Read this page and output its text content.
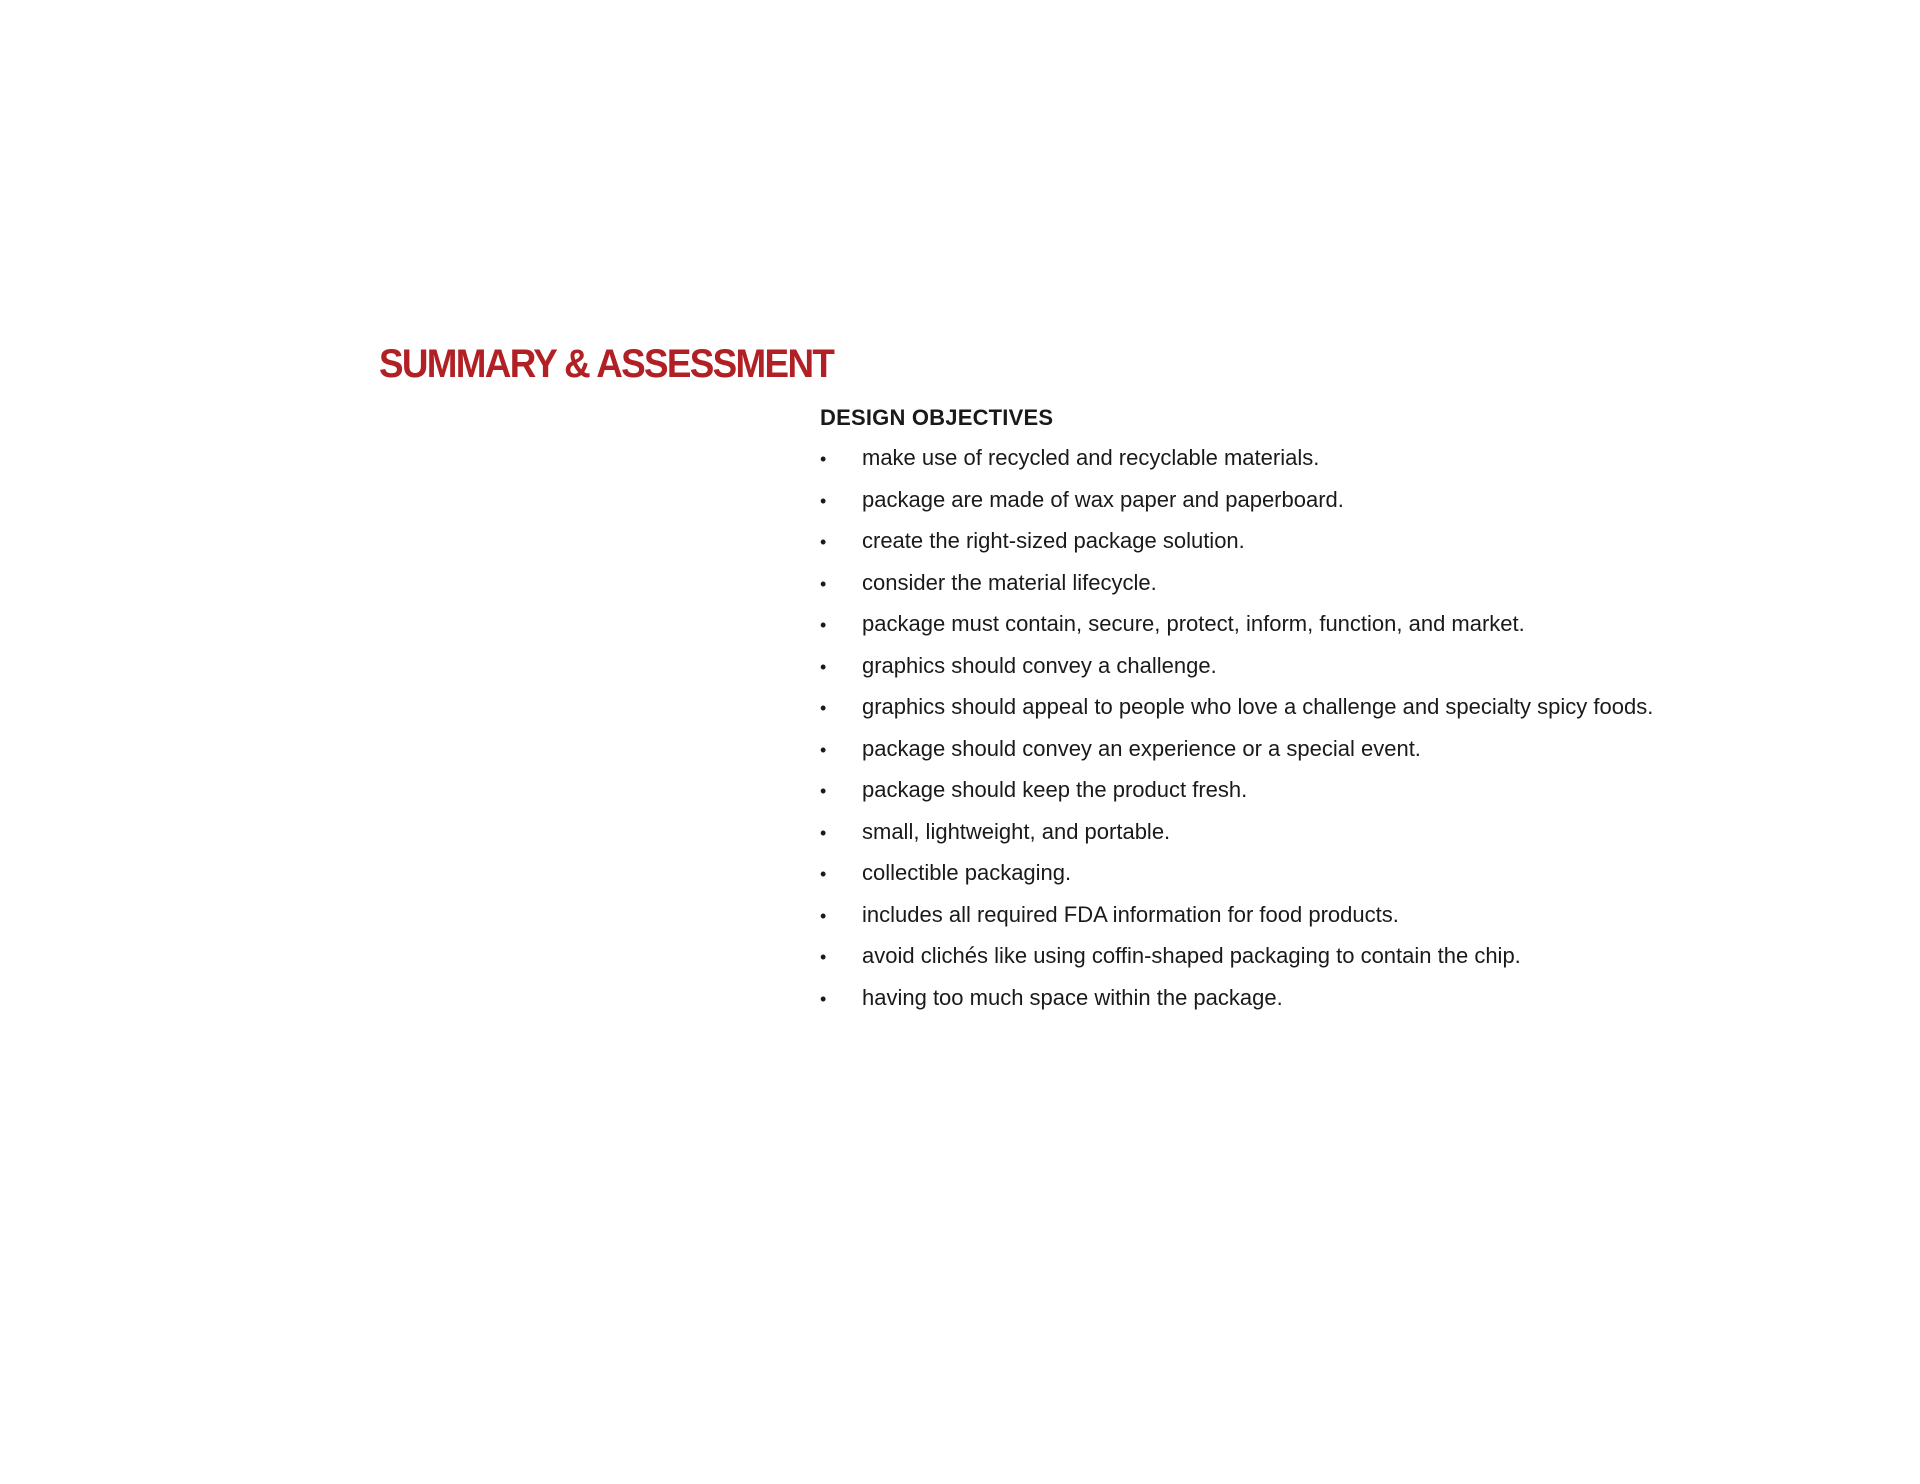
SUMMARY & ASSESSMENT
DESIGN OBJECTIVES
•	make use of recycled and recyclable materials.
•	package are made of wax paper and paperboard.
•	create the right-sized package solution.
•	consider the material lifecycle.
•	package must contain, secure, protect, inform, function, and market.
•	graphics should convey a challenge.
•	graphics should appeal to people who love a challenge and specialty spicy foods.
•	package should convey an experience or a special event.
•	package should keep the product fresh.
•	small, lightweight, and portable.
•	collectible packaging.
•	includes all required FDA information for food products.
•	avoid clichés like using coffin-shaped packaging to contain the chip.
•	having too much space within the package.
